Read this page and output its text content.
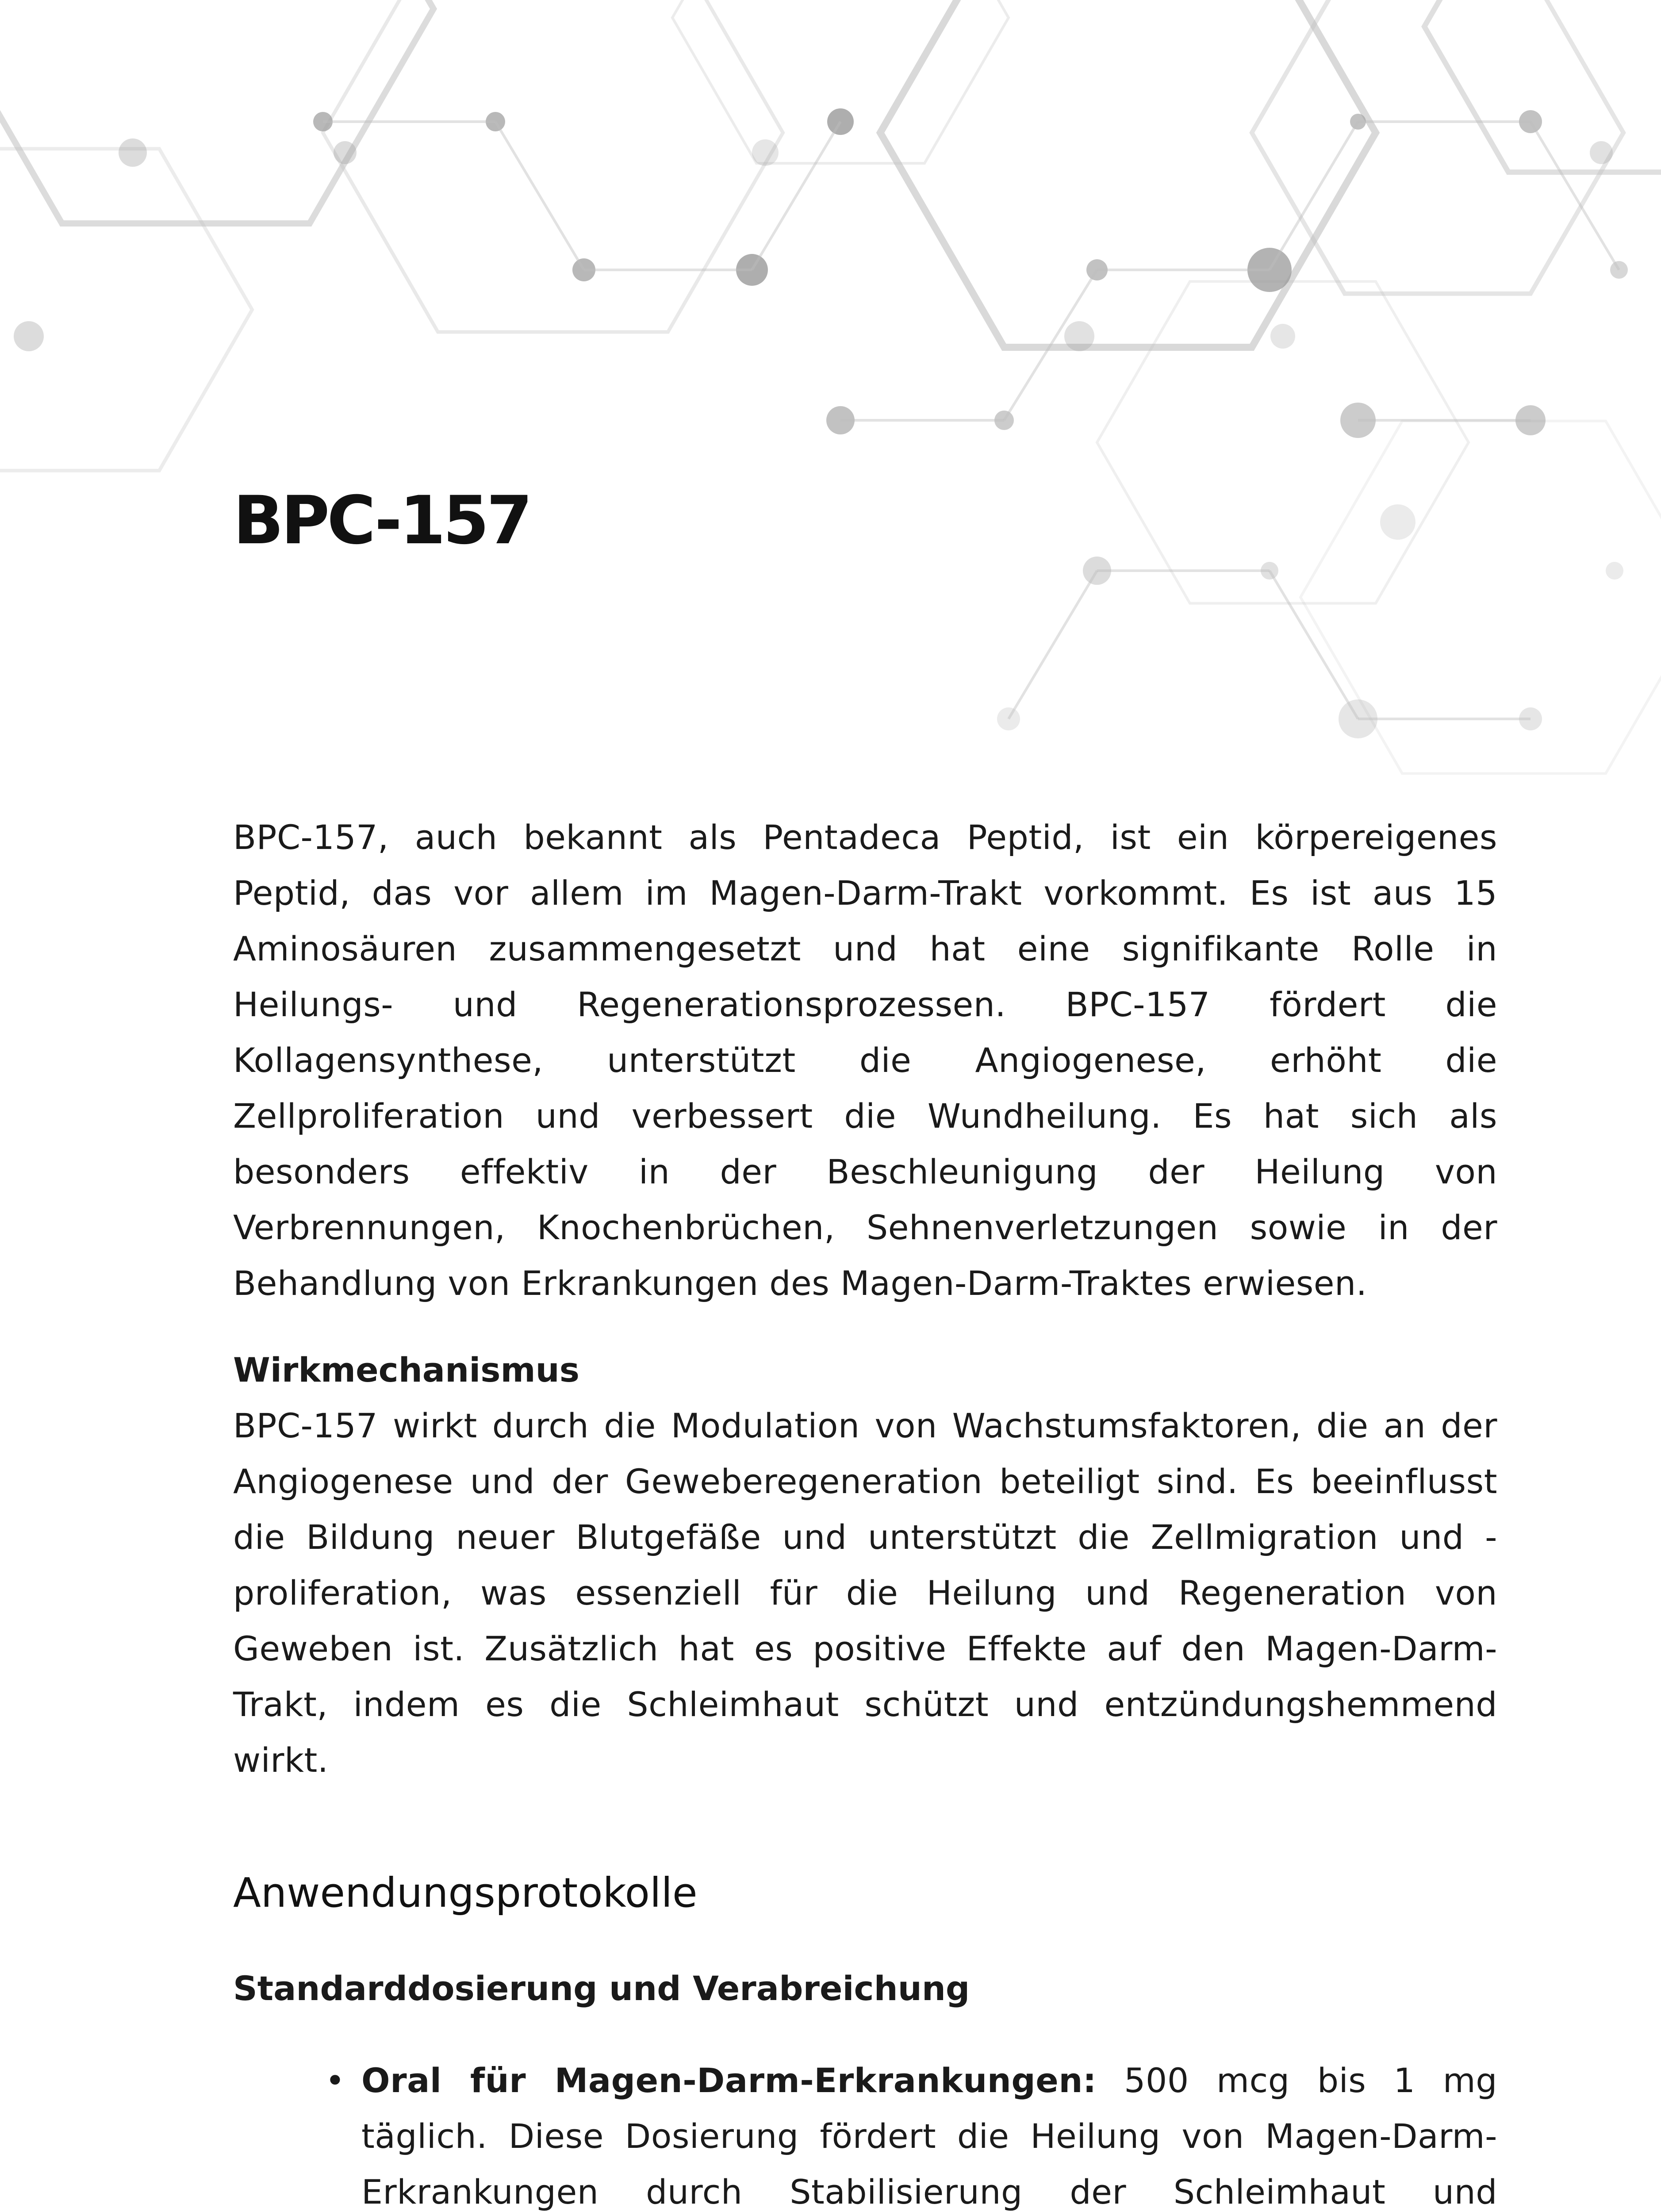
BPC-157

BPC-157, auch bekannt als Pentadeca Peptid, ist ein körpereigenes Peptid, das vor allem im Magen-Darm-Trakt vorkommt. Es ist aus 15 Aminosäuren zusammengesetzt und hat eine signifikante Rolle in Heilungs- und Regenerationsprozessen. BPC-157 fördert die Kollagensynthese, unterstützt die Angiogenese, erhöht die Zellproliferation und verbessert die Wundheilung. Es hat sich als besonders effektiv in der Beschleunigung der Heilung von Verbrennungen, Knochenbrüchen, Sehnenverletzungen sowie in der Behandlung von Erkrankungen des Magen-Darm-Traktes erwiesen.

Wirkmechanismus

BPC-157 wirkt durch die Modulation von Wachstumsfaktoren, die an der Angiogenese und der Geweberegeneration beteiligt sind. Es beeinflusst die Bildung neuer Blutgefäße und unterstützt die Zellmigration und -proliferation, was essenziell für die Heilung und Regeneration von Geweben ist. Zusätzlich hat es positive Effekte auf den Magen-Darm-Trakt, indem es die Schleimhaut schützt und entzündungshemmend wirkt.

Anwendungsprotokolle
Standarddosierung und Verabreichung
• Oral für Magen-Darm-Erkrankungen: 500 mcg bis 1 mg täglich. Diese Dosierung fördert die Heilung von Magen-Darm-Erkrankungen durch Stabilisierung der Schleimhaut und
